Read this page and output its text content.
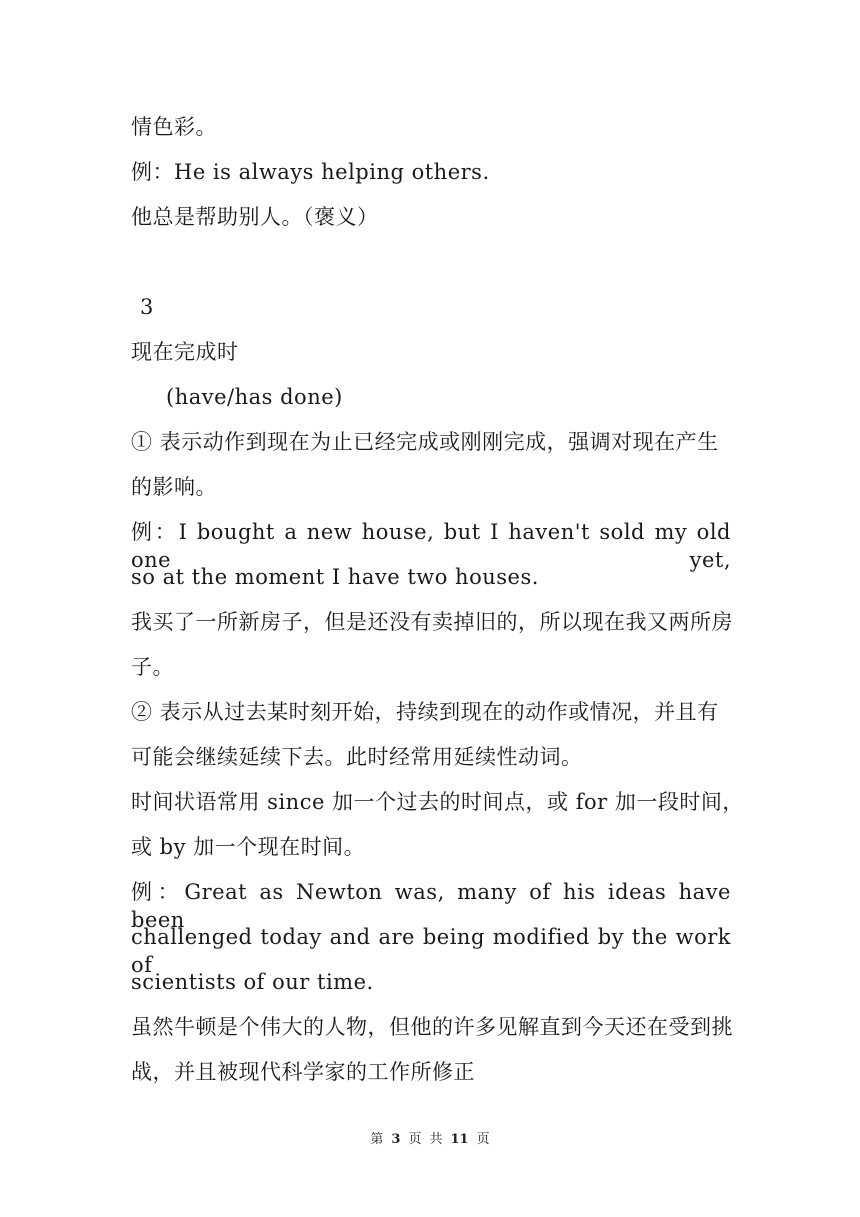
情色彩。
例：He is always helping others.
他总是帮助别人。（褒义）
3
现在完成时
(have/has done)
① 表示动作到现在为止已经完成或刚刚完成，强调对现在产生
的影响。
例：I bought a new house, but I haven't sold my old one yet,
so at the moment I have two houses.
我买了一所新房子，但是还没有卖掉旧的，所以现在我又两所房
子。
② 表示从过去某时刻开始，持续到现在的动作或情况，并且有
可能会继续延续下去。此时经常用延续性动词。
时间状语常用 since 加一个过去的时间点，或 for 加一段时间，
或 by 加一个现在时间。
例：Great as Newton was, many of his ideas have been
challenged today and are being modified by the work of
scientists of our time.
虽然牛顿是个伟大的人物，但他的许多见解直到今天还在受到挑
战，并且被现代科学家的工作所修正
第 3 页 共 11 页
